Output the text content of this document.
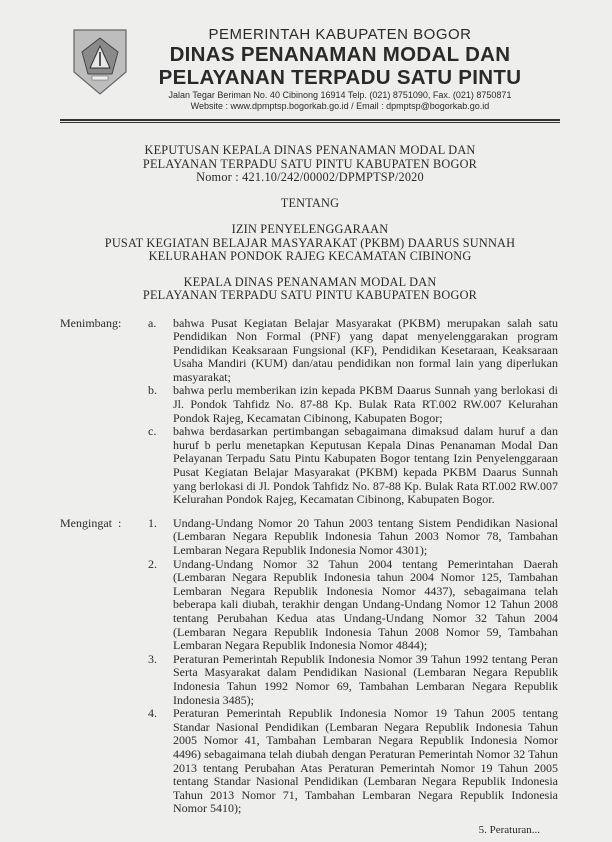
PEMERINTAH KABUPATEN BOGOR
DINAS PENANAMAN MODAL DAN
PELAYANAN TERPADU SATU PINTU
Jalan Tegar Beriman No. 40 Cibinong 16914 Telp. (021) 8751090, Fax. (021) 8750871
Website : www.dpmptsp.bogorkab.go.id / Email : dpmptsp@bogorkab.go.id
KEPUTUSAN KEPALA DINAS PENANAMAN MODAL DAN
PELAYANAN TERPADU SATU PINTU KABUPATEN BOGOR
Nomor : 421.10/242/00002/DPMPTSP/2020
TENTANG
IZIN PENYELENGGARAAN
PUSAT KEGIATAN BELAJAR MASYARAKAT (PKBM) DAARUS SUNNAH
KELURAHAN PONDOK RAJEG KECAMATAN CIBINONG
KEPALA DINAS PENANAMAN MODAL DAN
PELAYANAN TERPADU SATU PINTU KABUPATEN BOGOR
Menimbang : a. bahwa Pusat Kegiatan Belajar Masyarakat (PKBM) merupakan salah satu Pendidikan Non Formal (PNF) yang dapat menyelenggarakan program Pendidikan Keaksaraan Fungsional (KF), Pendidikan Kesetaraan, Keaksaraan Usaha Mandiri (KUM) dan/atau pendidikan non formal lain yang diperlukan masyarakat;
b. bahwa perlu memberikan izin kepada PKBM Daarus Sunnah yang berlokasi di Jl. Pondok Tahfidz No. 87-88 Kp. Bulak Rata RT.002 RW.007 Kelurahan Pondok Rajeg, Kecamatan Cibinong, Kabupaten Bogor;
c. bahwa berdasarkan pertimbangan sebagaimana dimaksud dalam huruf a dan huruf b perlu menetapkan Keputusan Kepala Dinas Penanaman Modal Dan Pelayanan Terpadu Satu Pintu Kabupaten Bogor tentang Izin Penyelenggaraan Pusat Kegiatan Belajar Masyarakat (PKBM) kepada PKBM Daarus Sunnah yang berlokasi di Jl. Pondok Tahfidz No. 87-88 Kp. Bulak Rata RT.002 RW.007 Kelurahan Pondok Rajeg, Kecamatan Cibinong, Kabupaten Bogor.
Mengingat : 1. Undang-Undang Nomor 20 Tahun 2003 tentang Sistem Pendidikan Nasional (Lembaran Negara Republik Indonesia Tahun 2003 Nomor 78, Tambahan Lembaran Negara Republik Indonesia Nomor 4301);
2. Undang-Undang Nomor 32 Tahun 2004 tentang Pemerintahan Daerah (Lembaran Negara Republik Indonesia tahun 2004 Nomor 125, Tambahan Lembaran Negara Republik Indonesia Nomor 4437), sebagaimana telah beberapa kali diubah, terakhir dengan Undang-Undang Nomor 12 Tahun 2008 tentang Perubahan Kedua atas Undang-Undang Nomor 32 Tahun 2004 (Lembaran Negara Republik Indonesia Tahun 2008 Nomor 59, Tambahan Lembaran Negara Republik Indonesia Nomor 4844);
3. Peraturan Pemerintah Republik Indonesia Nomor 39 Tahun 1992 tentang Peran Serta Masyarakat dalam Pendidikan Nasional (Lembaran Negara Republik Indonesia Tahun 1992 Nomor 69, Tambahan Lembaran Negara Republik Indonesia 3485);
4. Peraturan Pemerintah Republik Indonesia Nomor 19 Tahun 2005 tentang Standar Nasional Pendidikan (Lembaran Negara Republik Indonesia Tahun 2005 Nomor 41, Tambahan Lembaran Negara Republik Indonesia Nomor 4496) sebagaimana telah diubah dengan Peraturan Pemerintah Nomor 32 Tahun 2013 tentang Perubahan Atas Peraturan Pemerintah Nomor 19 Tahun 2005 tentang Standar Nasional Pendidikan (Lembaran Negara Republik Indonesia Tahun 2013 Nomor 71, Tambahan Lembaran Negara Republik Indonesia Nomor 5410);
5. Peraturan...
